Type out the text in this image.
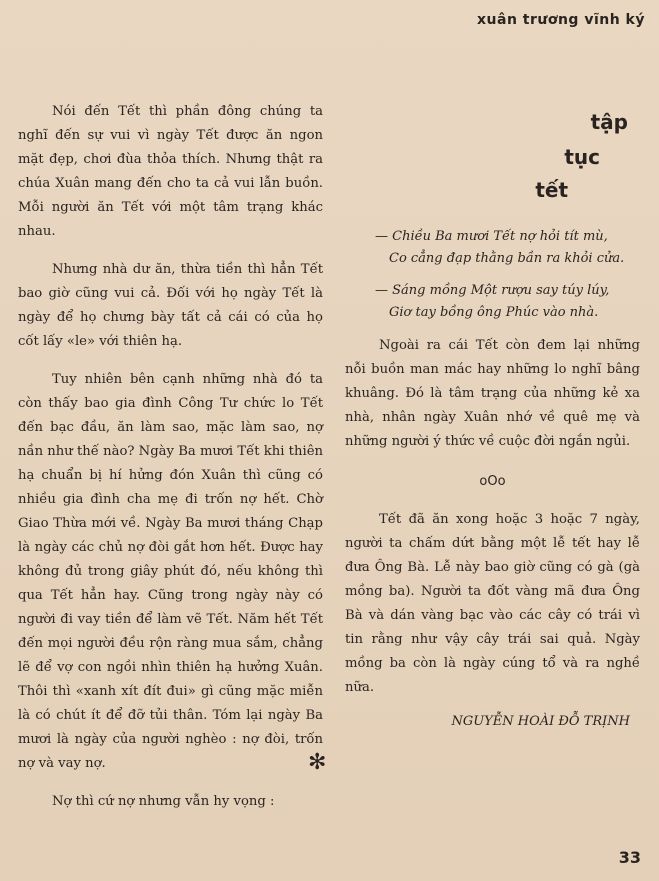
xuân trương vĩnh ký

Nói đến Tết thì phần đông chúng ta nghĩ đến sự vui vì ngày Tết được ăn ngon mặt đẹp, chơi đùa thỏa thích. Nhưng thật ra chúa Xuân mang đến cho ta cả vui lẫn buồn. Mỗi người ăn Tết với một tâm trạng khác nhau.

Nhưng nhà dư ăn, thừa tiền thì hẳn Tết bao giờ cũng vui cả. Đối với họ ngày Tết là ngày để họ chưng bày tất cả cái có của họ cốt lấy «le» với thiên hạ.

Tuy nhiên bên cạnh những nhà đó ta còn thấy bao gia đình Công Tư chức lo Tết đến bạc đầu, ăn làm sao, mặc làm sao, nợ nần như thế nào? Ngày Ba mươi Tết khi thiên hạ chuẩn bị hí hửng đón Xuân thì cũng có nhiều gia đình cha mẹ đi trốn nợ hết. Chờ Giao Thừa mới về. Ngày Ba mươi tháng Chạp là ngày các chủ nợ đòi gắt hơn hết. Được hay không đủ trong giây phút đó, nếu không thì qua Tết hẳn hay. Cũng trong ngày này có người đi vay tiền để làm vẽ Tết. Năm hết Tết đến mọi người đều rộn ràng mua sắm, chẳng lẽ để vợ con ngồi nhìn thiên hạ hưởng Xuân. Thôi thì «xanh xít đít đui» gì cũng mặc miễn là có chút ít để đỡ tủi thân. Tóm lại ngày Ba mươi là ngày của người nghèo : nợ đòi, trốn nợ và vay nợ.

Nợ thì cứ nợ nhưng vẫn hy vọng :

tập
tục
tết
— Chiều Ba mươi Tết nợ hỏi tít mù,
Co cẳng đạp thằng bần ra khỏi cửa.
— Sáng mồng Một rượu say túy lúy,
Giơ tay bồng ông Phúc vào nhà.

Ngoài ra cái Tết còn đem lại những nỗi buồn man mác hay những lo nghĩ bâng khuâng. Đó là tâm trạng của những kẻ xa nhà, nhân ngày Xuân nhớ về quê mẹ và những người ý thức về cuộc đời ngắn ngủi.

oOo

Tết đã ăn xong hoặc 3 hoặc 7 ngày, người ta chấm dứt bằng một lễ tết hay lễ đưa Ông Bà. Lễ này bao giờ cũng có gà (gà mồng ba). Người ta đốt vàng mã đưa Ông Bà và dán vàng bạc vào các cây có trái vì tin rằng như vậy cây trái sai quả. Ngày mồng ba còn là ngày cúng tổ và ra nghề nữa.

NGUYỄN HOÀI ĐỖ TRỊNH
✻
33
